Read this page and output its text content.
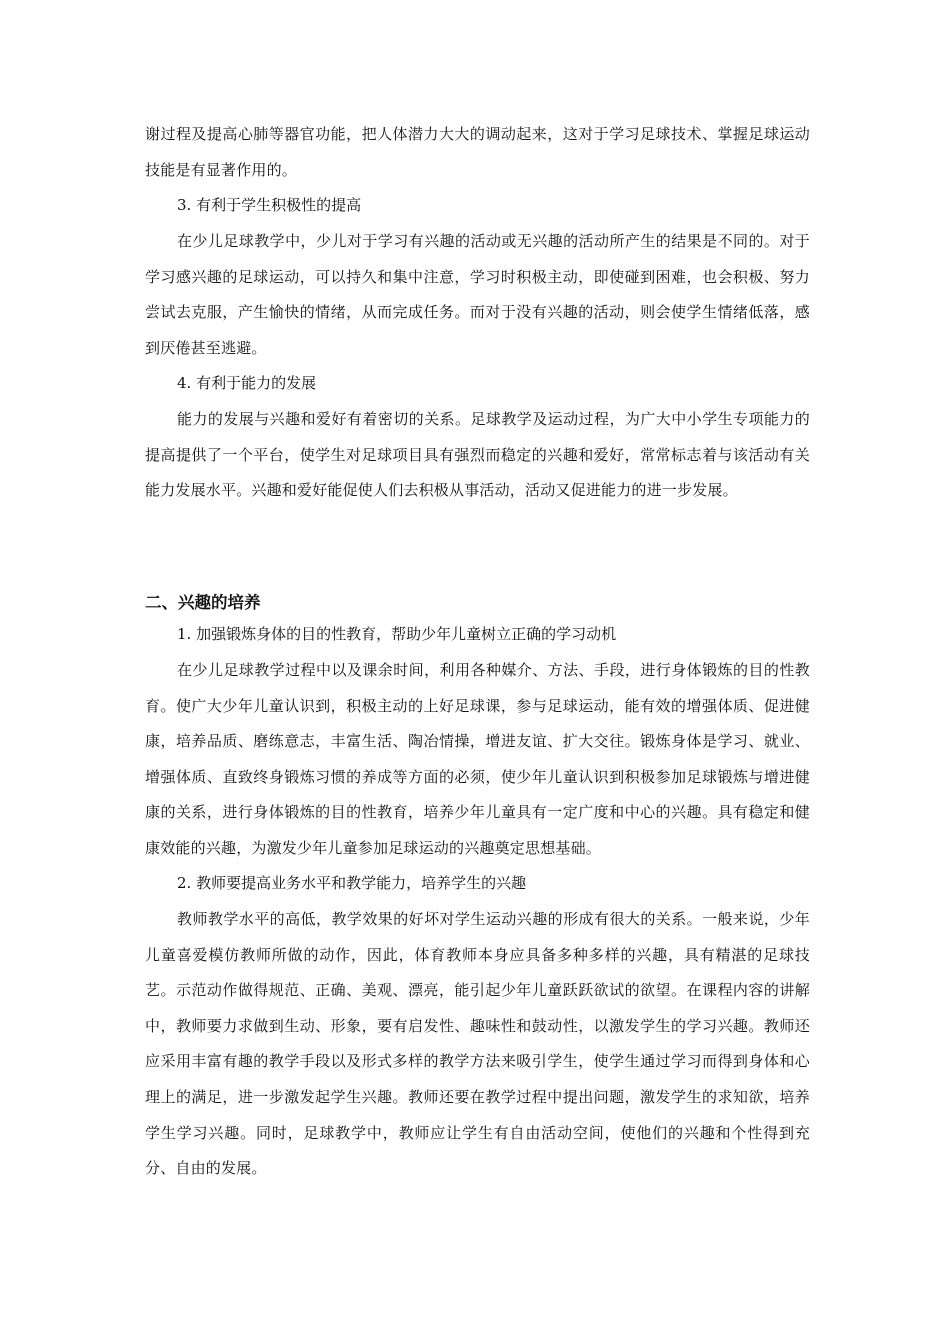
谢过程及提高心肺等器官功能，把人体潜力大大的调动起来，这对于学习足球技术、掌握足球运动技能是有显著作用的。

3. 有利于学生积极性的提高

在少儿足球教学中，少儿对于学习有兴趣的活动或无兴趣的活动所产生的结果是不同的。对于学习感兴趣的足球运动，可以持久和集中注意，学习时积极主动，即使碰到困难，也会积极、努力尝试去克服，产生愉快的情绪，从而完成任务。而对于没有兴趣的活动，则会使学生情绪低落，感到厌倦甚至逃避。

4. 有利于能力的发展

能力的发展与兴趣和爱好有着密切的关系。足球教学及运动过程，为广大中小学生专项能力的提高提供了一个平台，使学生对足球项目具有强烈而稳定的兴趣和爱好，常常标志着与该活动有关能力发展水平。兴趣和爱好能促使人们去积极从事活动，活动又促进能力的进一步发展。

二、兴趣的培养

1. 加强锻炼身体的目的性教育，帮助少年儿童树立正确的学习动机

在少儿足球教学过程中以及课余时间，利用各种媒介、方法、手段，进行身体锻炼的目的性教育。使广大少年儿童认识到，积极主动的上好足球课，参与足球运动，能有效的增强体质、促进健康，培养品质、磨练意志，丰富生活、陶冶情操，增进友谊、扩大交往。锻炼身体是学习、就业、增强体质、直致终身锻炼习惯的养成等方面的必须，使少年儿童认识到积极参加足球锻炼与增进健康的关系，进行身体锻炼的目的性教育，培养少年儿童具有一定广度和中心的兴趣。具有稳定和健康效能的兴趣，为激发少年儿童参加足球运动的兴趣奠定思想基础。

2. 教师要提高业务水平和教学能力，培养学生的兴趣

教师教学水平的高低，教学效果的好坏对学生运动兴趣的形成有很大的关系。一般来说，少年儿童喜爱模仿教师所做的动作，因此，体育教师本身应具备多种多样的兴趣，具有精湛的足球技艺。示范动作做得规范、正确、美观、漂亮，能引起少年儿童跃跃欲试的欲望。在课程内容的讲解中，教师要力求做到生动、形象，要有启发性、趣味性和鼓动性，以激发学生的学习兴趣。教师还应采用丰富有趣的教学手段以及形式多样的教学方法来吸引学生，使学生通过学习而得到身体和心理上的满足，进一步激发起学生兴趣。教师还要在教学过程中提出问题，激发学生的求知欲，培养学生学习兴趣。同时，足球教学中，教师应让学生有自由活动空间，使他们的兴趣和个性得到充分、自由的发展。
